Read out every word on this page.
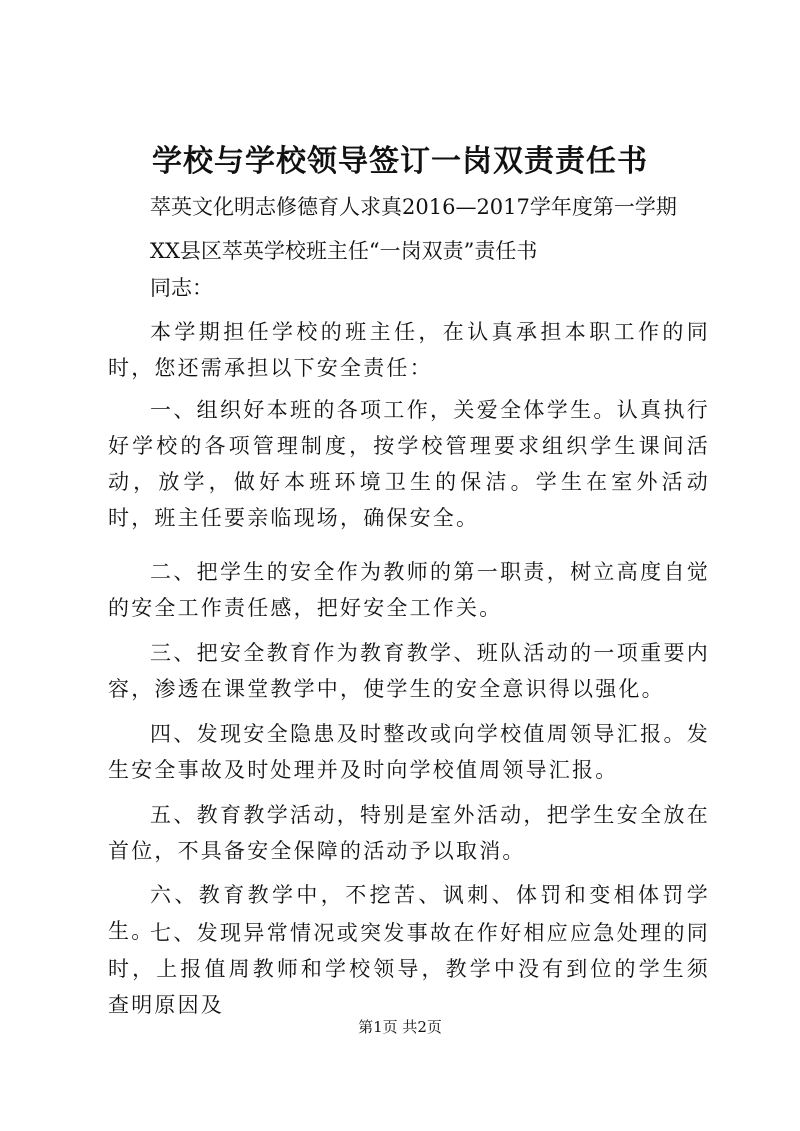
学校与学校领导签订一岗双责责任书
萃英文化明志修德育人求真2016—2017学年度第一学期
XX县区萃英学校班主任“一岗双责”责任书
同志：

本学期担任学校的班主任，在认真承担本职工作的同时，您还需承担以下安全责任：

一、组织好本班的各项工作，关爱全体学生。认真执行好学校的各项管理制度，按学校管理要求组织学生课间活动，放学，做好本班环境卫生的保洁。学生在室外活动时，班主任要亲临现场，确保安全。

二、把学生的安全作为教师的第一职责，树立高度自觉的安全工作责任感，把好安全工作关。

三、把安全教育作为教育教学、班队活动的一项重要内容，渗透在课堂教学中，使学生的安全意识得以强化。

四、发现安全隐患及时整改或向学校值周领导汇报。发生安全事故及时处理并及时向学校值周领导汇报。

五、教育教学活动，特别是室外活动，把学生安全放在首位，不具备安全保障的活动予以取消。

六、教育教学中，不挖苦、讽刺、体罚和变相体罚学生。

七、发现异常情况或突发事故在作好相应应急处理的同时，上报值周教师和学校领导，教学中没有到位的学生须查明原因及

第1页 共2页
